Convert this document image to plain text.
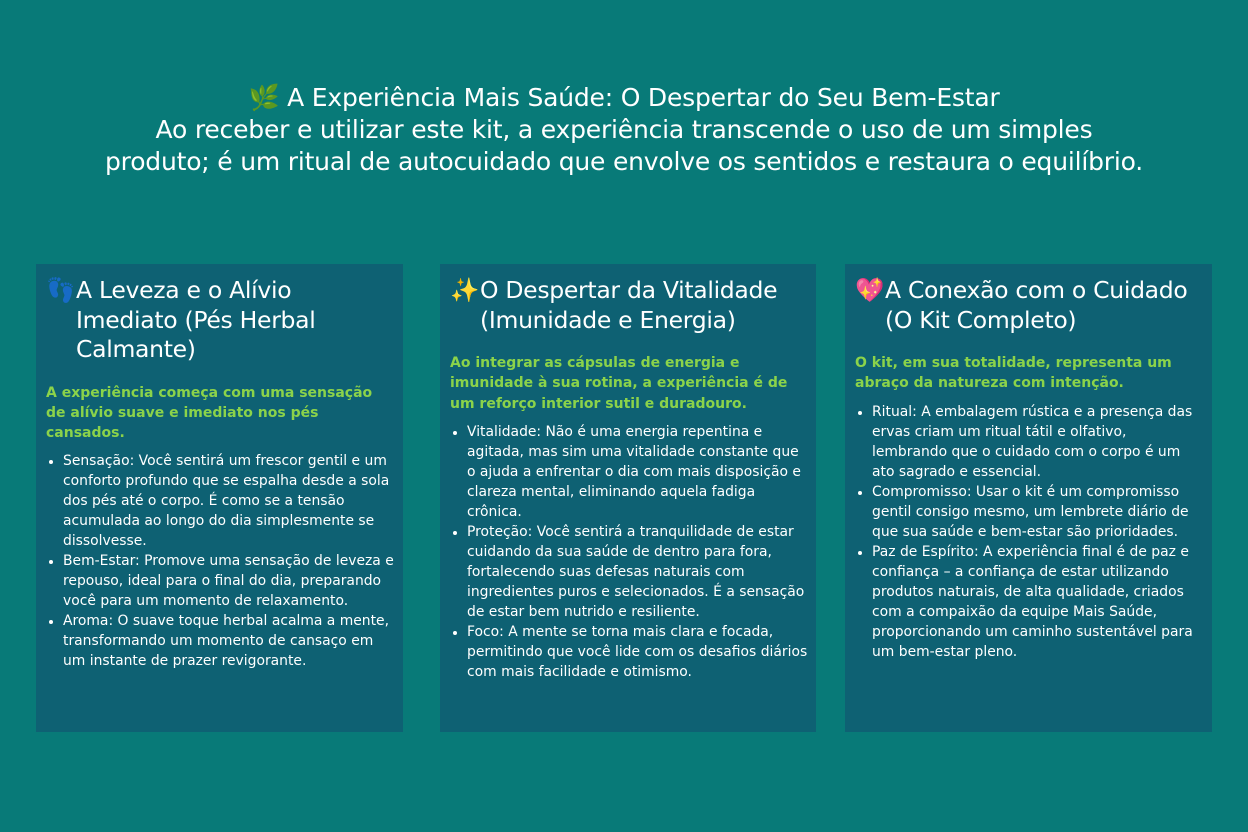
🌿 A Experiência Mais Saúde: O Despertar do Seu Bem-Estar
Ao receber e utilizar este kit, a experiência transcende o uso de um simples
produto; é um ritual de autocuidado que envolve os sentidos e restaura o equilíbrio.
👣 A Leveza e o Alívio Imediato (Pés Herbal Calmante)

A experiência começa com uma sensação de alívio suave e imediato nos pés cansados.

• Sensação: Você sentirá um frescor gentil e um conforto profundo que se espalha desde a sola dos pés até o corpo. É como se a tensão acumulada ao longo do dia simplesmente se dissolvesse.
• Bem-Estar: Promove uma sensação de leveza e repouso, ideal para o final do dia, preparando você para um momento de relaxamento.
• Aroma: O suave toque herbal acalma a mente, transformando um momento de cansaço em um instante de prazer revigorante.
✨ O Despertar da Vitalidade (Imunidade e Energia)

Ao integrar as cápsulas de energia e imunidade à sua rotina, a experiência é de um reforço interior sutil e duradouro.

• Vitalidade: Não é uma energia repentina e agitada, mas sim uma vitalidade constante que o ajuda a enfrentar o dia com mais disposição e clareza mental, eliminando aquela fadiga crônica.
• Proteção: Você sentirá a tranquilidade de estar cuidando da sua saúde de dentro para fora, fortalecendo suas defesas naturais com ingredientes puros e selecionados. É a sensação de estar bem nutrido e resiliente.
• Foco: A mente se torna mais clara e focada, permitindo que você lide com os desafios diários com mais facilidade e otimismo.
💖 A Conexão com o Cuidado (O Kit Completo)

O kit, em sua totalidade, representa um abraço da natureza com intenção.

• Ritual: A embalagem rústica e a presença das ervas criam um ritual tátil e olfativo, lembrando que o cuidado com o corpo é um ato sagrado e essencial.
• Compromisso: Usar o kit é um compromisso gentil consigo mesmo, um lembrete diário de que sua saúde e bem-estar são prioridades.
• Paz de Espírito: A experiência final é de paz e confiança – a confiança de estar utilizando produtos naturais, de alta qualidade, criados com a compaixão da equipe Mais Saúde, proporcionando um caminho sustentável para um bem-estar pleno.
